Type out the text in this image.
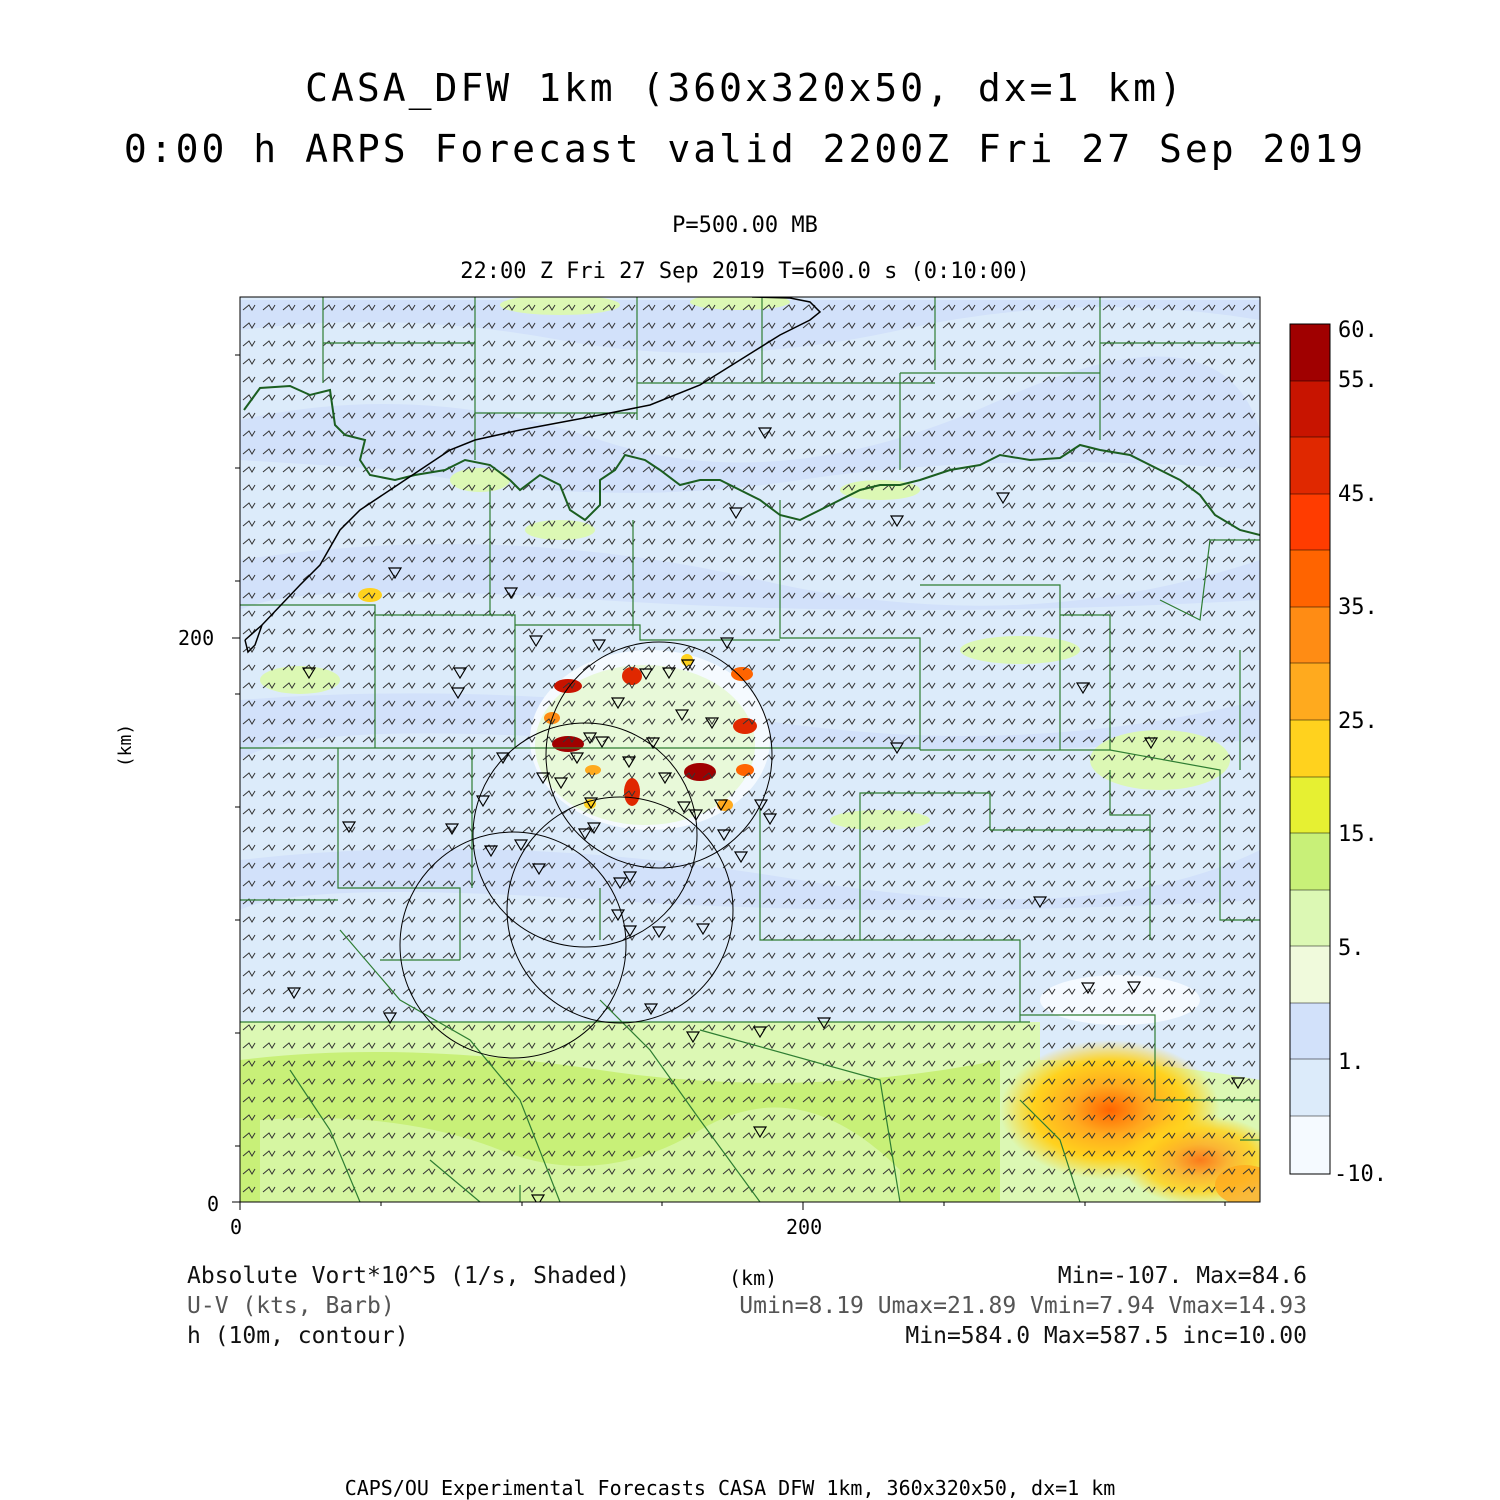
CASA_DFW 1km (360x320x50, dx=1 km)
0:00 h ARPS Forecast valid 2200Z Fri 27 Sep 2019
P=500.00 MB
22:00 Z Fri 27 Sep 2019 T=600.0 s (0:10:00)
200
0
0	200
(km)
(km)
60.
55.
45.
35.
25.
15.
5.
1.
-10.
Absolute Vort*10^5 (1/s, Shaded)
U-V (kts, Barb)
h (10m, contour)
Min=-107. Max=84.6
Umin=8.19 Umax=21.89 Vmin=7.94 Vmax=14.93
Min=584.0 Max=587.5 inc=10.00
CAPS/OU Experimental Forecasts CASA DFW 1km, 360x320x50, dx=1 km
